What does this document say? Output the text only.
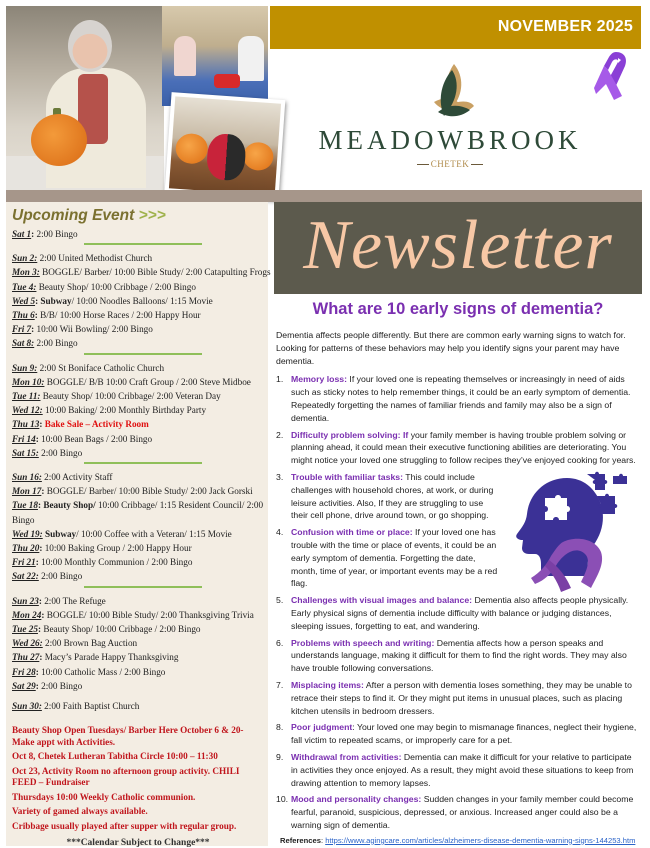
NOVEMBER 2025
MEADOWBROOK
CHETEK
Newsletter
Upcoming Event >>>
Sat 1: 2:00 Bingo
Sun 2: 2:00 United Methodist Church
Mon 3: BOGGLE/ Barber/ 10:00 Bible Study/ 2:00 Catapulting Frogs
Tue 4: Beauty Shop/ 10:00 Cribbage / 2:00 Bingo
Wed 5: Subway/ 10:00 Noodles Balloons/ 1:15 Movie
Thu 6: B/B/ 10:00 Horse Races / 2:00 Happy Hour
Fri 7: 10:00 Wii Bowling/ 2:00 Bingo
Sat 8: 2:00 Bingo
Sun 9: 2:00 St Boniface Catholic Church
Mon 10: BOGGLE/ B/B 10:00 Craft Group / 2:00 Steve Midboe
Tue 11: Beauty Shop/ 10:00 Cribbage/ 2:00 Veteran Day
Wed 12: 10:00 Baking/ 2:00 Monthly Birthday Party
Thu 13: Bake Sale – Activity Room
Fri 14: 10:00 Bean Bags / 2:00 Bingo
Sat 15: 2:00 Bingo
Sun 16: 2:00 Activity Staff
Mon 17: BOGGLE/ Barber/ 10:00 Bible Study/ 2:00 Jack Gorski
Tue 18: Beauty Shop/ 10:00 Cribbage/ 1:15 Resident Council/ 2:00 Bingo
Wed 19: Subway/ 10:00 Coffee with a Veteran/ 1:15 Movie
Thu 20: 10:00 Baking Group / 2:00 Happy Hour
Fri 21: 10:00 Monthly Communion / 2:00 Bingo
Sat 22: 2:00 Bingo
Sun 23: 2:00 The Refuge
Mon 24: BOGGLE/ 10:00 Bible Study/ 2:00 Thanksgiving Trivia
Tue 25: Beauty Shop/ 10:00 Cribbage / 2:00 Bingo
Wed 26: 2:00 Brown Bag Auction
Thu 27: Macy’s Parade Happy Thanksgiving
Fri 28: 10:00 Catholic Mass / 2:00 Bingo
Sat 29: 2:00 Bingo
Sun 30: 2:00 Faith Baptist Church
Beauty Shop Open Tuesdays/ Barber Here October 6 & 20- Make appt with Activities.
Oct 8, Chetek Lutheran Tabitha Circle 10:00 – 11:30
Oct 23, Activity Room no afternoon group activity. CHILI FEED – Fundraiser
Thursdays 10:00 Weekly Catholic communion.
Variety of gamed always available.
Cribbage usually played after supper with regular group.
***Calendar Subject to Change***
What are 10 early signs of dementia?

Dementia affects people differently. But there are common early warning signs to watch for. Looking for patterns of these behaviors may help you identify signs your parent may have dementia.

1. Memory loss: If your loved one is repeating themselves or increasingly in need of aids such as sticky notes to help remember things, it could be an early symptom of dementia. Repeatedly forgetting the names of familiar friends and family may also be a sign of dementia.
2. Difficulty problem solving: If your family member is having trouble problem solving or planning ahead, it could mean their executive functioning abilities are deteriorating. You might notice your loved one struggling to follow recipes they’ve enjoyed cooking for years.
3. Trouble with familiar tasks: This could include challenges with household chores, at work, or during leisure activities. Also, If they are struggling to use their cell phone, drive around town, or go shopping.
4. Confusion with time or place: If your loved one has trouble with the time or place of events, it could be an early symptom of dementia. Forgetting the date, month, time of year, or important events may be a red flag.
5. Challenges with visual images and balance: Dementia also affects people physically. Early physical signs of dementia include difficulty with balance or judging distances, sleeping issues, forgetting to eat, and wandering.
6. Problems with speech and writing: Dementia affects how a person speaks and understands language, making it difficult for them to find the right words. They may also have trouble following conversations.
7. Misplacing items: After a person with dementia loses something, they may be unable to retrace their steps to find it. Or they might put items in unusual places, such as placing kitchen utensils in bedroom dressers.
8. Poor judgment: Your loved one may begin to mismanage finances, neglect their hygiene, fall victim to repeated scams, or improperly care for a pet.
9. Withdrawal from activities: Dementia can make it difficult for your relative to participate in activities they once enjoyed. As a result, they might avoid these situations to keep from drawing attention to memory lapses.
10. Mood and personality changes: Sudden changes in your family member could become fearful, paranoid, suspicious, depressed, or anxious. Increased anger could also be a warning sign of dementia.
References: https://www.agingcare.com/articles/alzheimers-disease-dementia-warning-signs-144253.htm
